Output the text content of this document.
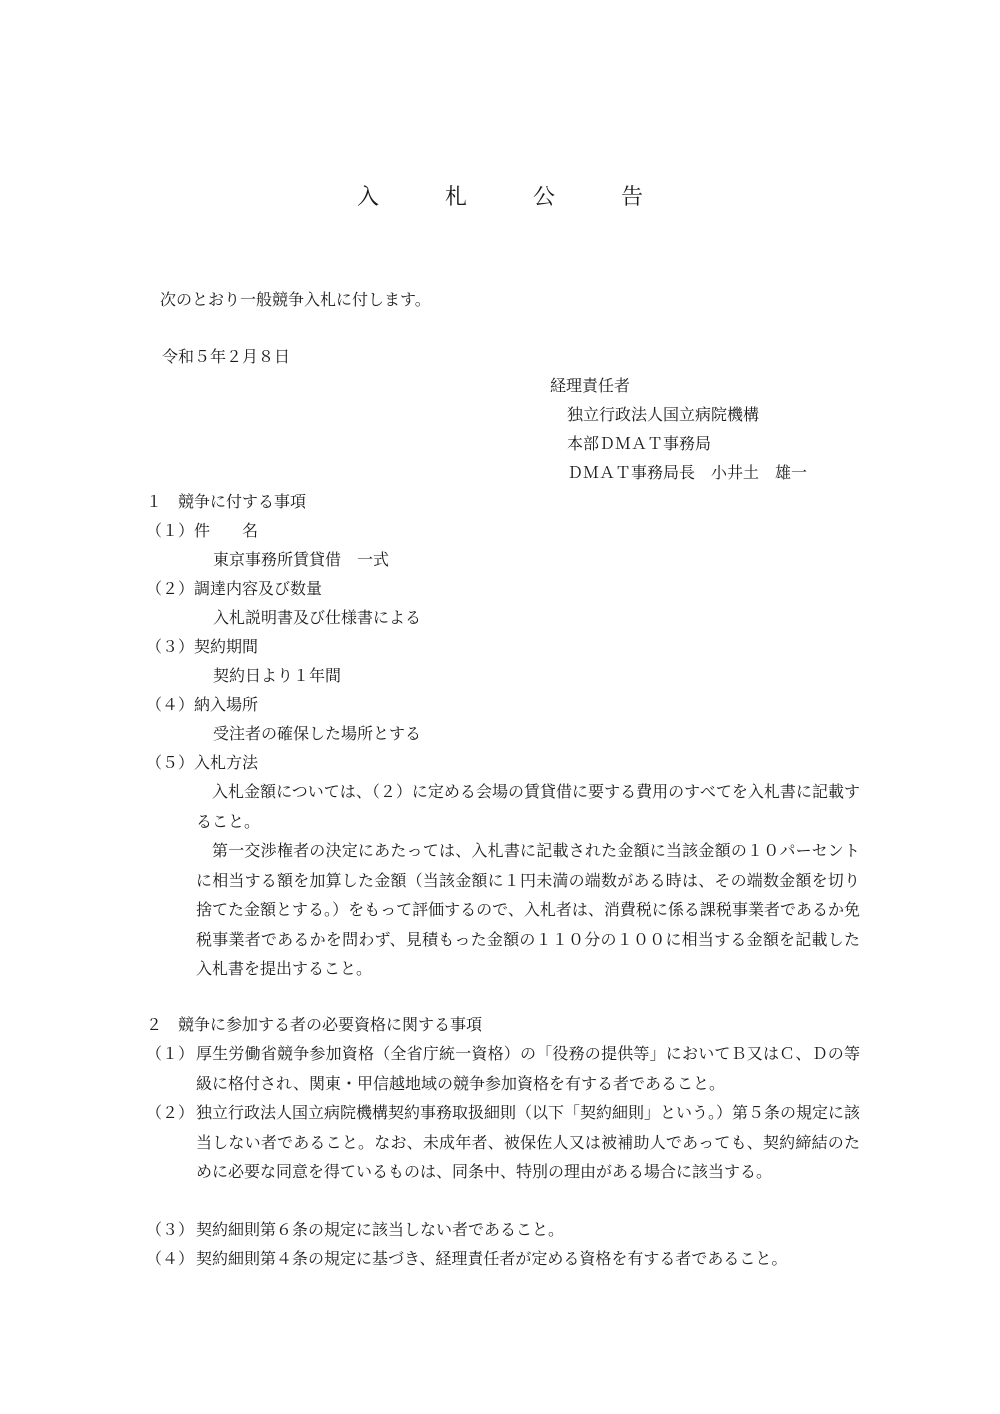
入　札　公　告
次のとおり一般競争入札に付します。
令和５年２月８日
経理責任者
独立行政法人国立病院機構
本部ＤＭＡＴ事務局
ＤＭＡＴ事務局長　小井土　雄一
１　競争に付する事項
（１）件　　名
東京事務所賃貸借　一式
（２）調達内容及び数量
入札説明書及び仕様書による
（３）契約期間
契約日より１年間
（４）納入場所
受注者の確保した場所とする
（５）入札方法
入札金額については、（２）に定める会場の賃貸借に要する費用のすべてを入札書に記載すること。
第一交渉権者の決定にあたっては、入札書に記載された金額に当該金額の１０パーセントに相当する額を加算した金額（当該金額に１円未満の端数がある時は、その端数金額を切り捨てた金額とする。）をもって評価するので、入札者は、消費税に係る課税事業者であるか免税事業者であるかを問わず、見積もった金額の１１０分の１００に相当する金額を記載した入札書を提出すること。
２　競争に参加する者の必要資格に関する事項
（１） 厚生労働省競争参加資格（全省庁統一資格）の「役務の提供等」においてＢ又はＣ、Ｄの等級に格付され、関東・甲信越地域の競争参加資格を有する者であること。
（２） 独立行政法人国立病院機構契約事務取扱細則（以下「契約細則」という。）第５条の規定に該当しない者であること。なお、未成年者、被保佐人又は被補助人であっても、契約締結のために必要な同意を得ているものは、同条中、特別の理由がある場合に該当する。
（３） 契約細則第６条の規定に該当しない者であること。
（４） 契約細則第４条の規定に基づき、経理責任者が定める資格を有する者であること。
